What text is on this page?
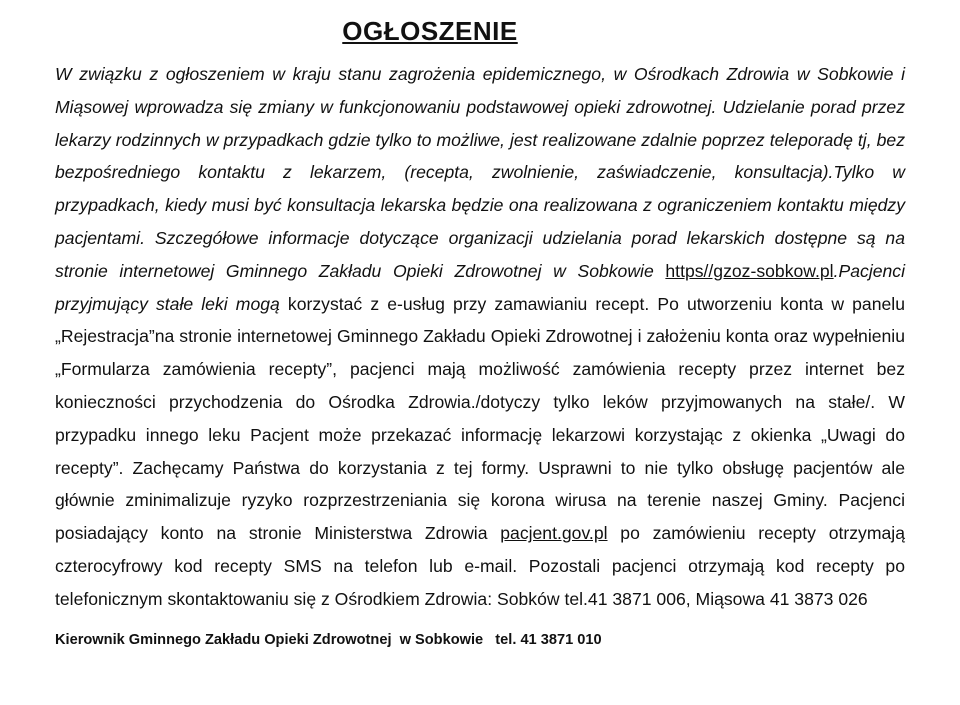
OGŁOSZENIE
W związku z ogłoszeniem w kraju stanu zagrożenia epidemicznego, w Ośrodkach Zdrowia w Sobkowie i Miąsowej wprowadza się zmiany w funkcjonowaniu podstawowej opieki zdrowotnej. Udzielanie porad przez lekarzy rodzinnych w przypadkach gdzie tylko to możliwe, jest realizowane zdalnie poprzez teleporadę tj, bez bezpośredniego kontaktu z lekarzem, (recepta, zwolnienie, zaświadczenie, konsultacja).Tylko w przypadkach, kiedy musi być konsultacja lekarska będzie ona realizowana z ograniczeniem kontaktu między pacjentami. Szczegółowe informacje dotyczące organizacji udzielania porad lekarskich dostępne są na stronie internetowej Gminnego Zakładu Opieki Zdrowotnej w Sobkowie https//gzoz-sobkow.pl.Pacjenci przyjmujący stałe leki mogą korzystać z e-usług przy zamawianiu recept. Po utworzeniu konta w panelu „Rejestracja”na stronie internetowej Gminnego Zakładu Opieki Zdrowotnej i założeniu konta oraz wypełnieniu „Formularza zamówienia recepty”, pacjenci mają możliwość zamówienia recepty przez internet bez konieczności przychodzenia do Ośrodka Zdrowia./dotyczy tylko leków przyjmowanych na stałe/. W przypadku innego leku Pacjent może przekazać informację lekarzowi korzystając z okienka „Uwagi do recepty”. Zachęcamy Państwa do korzystania z tej formy. Usprawni to nie tylko obsługę pacjentów ale głównie zminimalizuje ryzyko rozprzestrzeniania się korona wirusa na terenie naszej Gminy. Pacjenci posiadający konto na stronie Ministerstwa Zdrowia pacjent.gov.pl po zamówieniu recepty otrzymają czterocyfrowy kod recepty SMS na telefon lub e-mail. Pozostali pacjenci otrzymają kod recepty po telefonicznym skontaktowaniu się z Ośrodkiem Zdrowia: Sobków tel.41 3871 006, Miąsowa 41 3873 026
Kierownik Gminnego Zakładu Opieki Zdrowotnej  w Sobkowie   tel. 41 3871 010
